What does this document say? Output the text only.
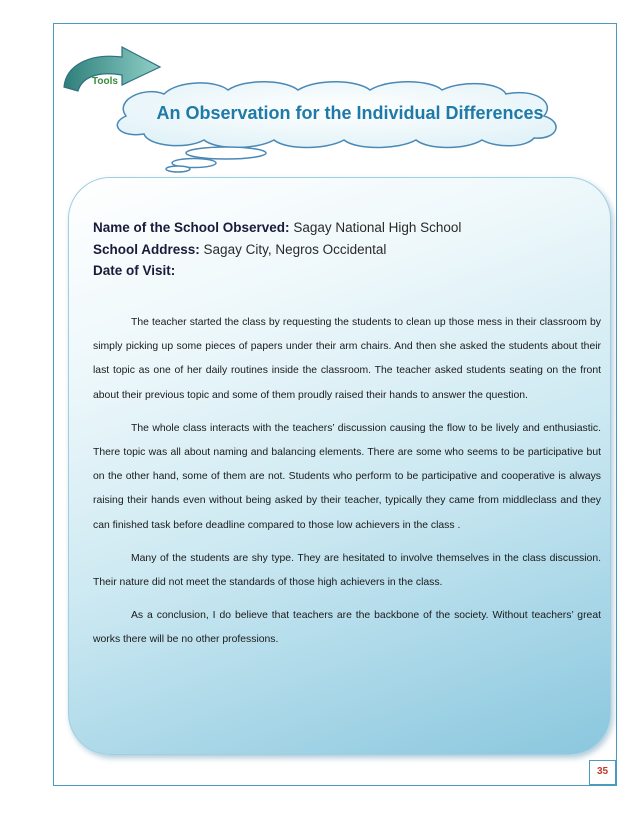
Tools
An Observation for the Individual Differences
Name of the School Observed: Sagay National High School
School Address: Sagay City, Negros Occidental
Date of Visit:

The teacher started the class by requesting the students to clean up those mess in their classroom by simply picking up some pieces of papers under their arm chairs. And then she asked the students about their last topic as one of her daily routines inside the classroom. The teacher asked students seating on the front about their previous topic and some of them proudly raised their hands to answer the question.

The whole class interacts with the teachers’ discussion causing the flow to be lively and enthusiastic. There topic was all about naming and balancing elements. There are some who seems to be participative but on the other hand, some of them are not. Students who perform to be participative and cooperative is always raising their hands even without being asked by their teacher, typically they came from middleclass and they can finished task before deadline compared to those low achievers in the class .

Many of the students are shy type. They are hesitated to involve themselves in the class discussion. Their nature did not meet the standards of those high achievers in the class.

As a conclusion, I do believe that teachers are the backbone of the society. Without teachers’ great works there will be no other professions.

35
